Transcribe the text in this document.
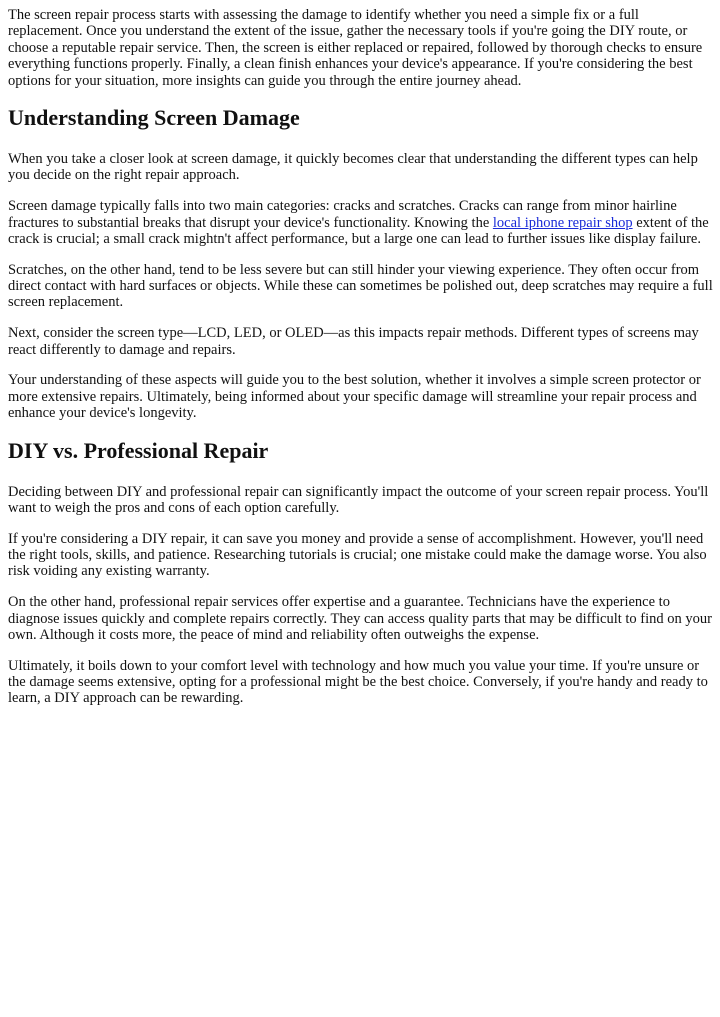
The screen repair process starts with assessing the damage to identify whether you need a simple fix or a full replacement. Once you understand the extent of the issue, gather the necessary tools if you're going the DIY route, or choose a reputable repair service. Then, the screen is either replaced or repaired, followed by thorough checks to ensure everything functions properly. Finally, a clean finish enhances your device's appearance. If you're considering the best options for your situation, more insights can guide you through the entire journey ahead.

Understanding Screen Damage

When you take a closer look at screen damage, it quickly becomes clear that understanding the different types can help you decide on the right repair approach.

Screen damage typically falls into two main categories: cracks and scratches. Cracks can range from minor hairline fractures to substantial breaks that disrupt your device's functionality. Knowing the local iphone repair shop extent of the crack is crucial; a small crack mightn't affect performance, but a large one can lead to further issues like display failure.

Scratches, on the other hand, tend to be less severe but can still hinder your viewing experience. They often occur from direct contact with hard surfaces or objects. While these can sometimes be polished out, deep scratches may require a full screen replacement.

Next, consider the screen type—LCD, LED, or OLED—as this impacts repair methods. Different types of screens may react differently to damage and repairs.

Your understanding of these aspects will guide you to the best solution, whether it involves a simple screen protector or more extensive repairs. Ultimately, being informed about your specific damage will streamline your repair process and enhance your device's longevity.

DIY vs. Professional Repair

Deciding between DIY and professional repair can significantly impact the outcome of your screen repair process. You'll want to weigh the pros and cons of each option carefully.

If you're considering a DIY repair, it can save you money and provide a sense of accomplishment. However, you'll need the right tools, skills, and patience. Researching tutorials is crucial; one mistake could make the damage worse. You also risk voiding any existing warranty.

On the other hand, professional repair services offer expertise and a guarantee. Technicians have the experience to diagnose issues quickly and complete repairs correctly. They can access quality parts that may be difficult to find on your own. Although it costs more, the peace of mind and reliability often outweighs the expense.

Ultimately, it boils down to your comfort level with technology and how much you value your time. If you're unsure or the damage seems extensive, opting for a professional might be the best choice. Conversely, if you're handy and ready to learn, a DIY approach can be rewarding.
